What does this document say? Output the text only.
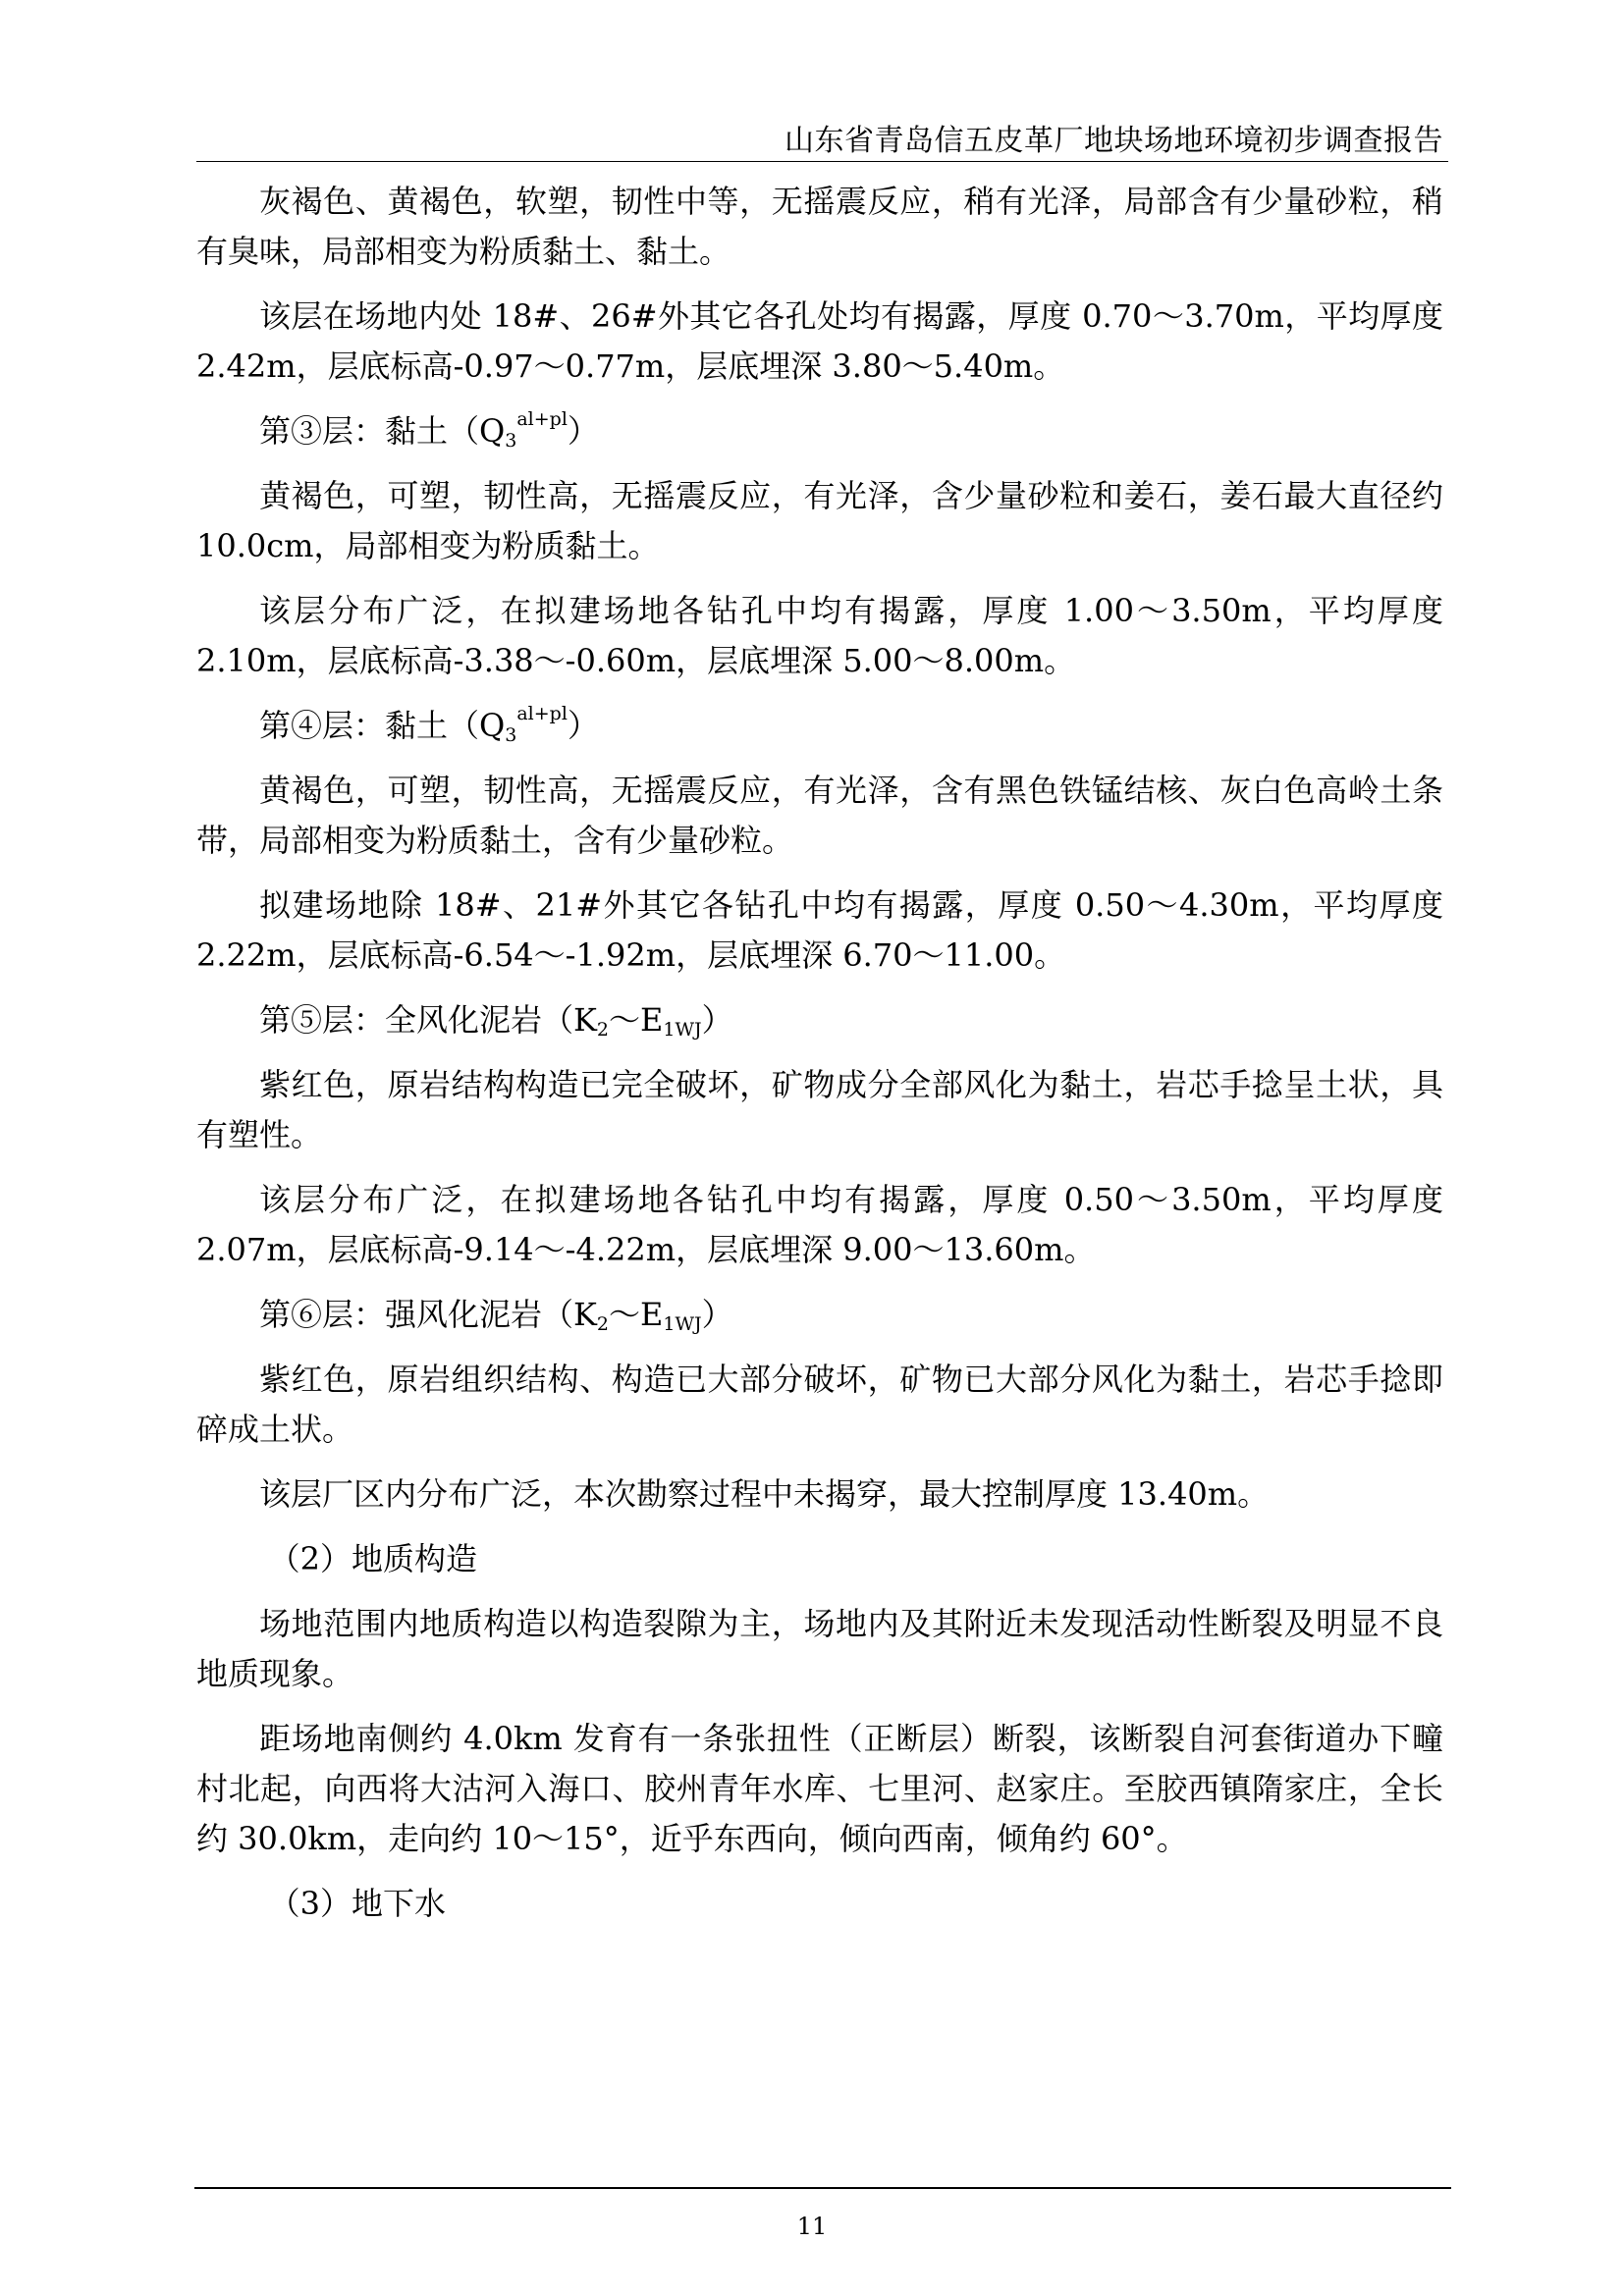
山东省青岛信五皮革厂地块场地环境初步调查报告

灰褐色、黄褐色，软塑，韧性中等，无摇震反应，稍有光泽，局部含有少量砂粒，稍有臭味，局部相变为粉质黏土、黏土。

该层在场地内处 18#、26#外其它各孔处均有揭露，厚度 0.70～3.70m，平均厚度 2.42m，层底标高-0.97～0.77m，层底埋深 3.80～5.40m。

第③层：黏土$(Q_3^{al+pl})$

黄褐色，可塑，韧性高，无摇震反应，有光泽，含少量砂粒和姜石，姜石最大直径约 10.0cm，局部相变为粉质黏土。

该层分布广泛，在拟建场地各钻孔中均有揭露，厚度 1.00～3.50m，平均厚度 2.10m，层底标高-3.38～-0.60m，层底埋深 5.00～8.00m。

第④层：黏土$(Q_3^{al+pl})$

黄褐色，可塑，韧性高，无摇震反应，有光泽，含有黑色铁锰结核、灰白色高岭土条带，局部相变为粉质黏土，含有少量砂粒。

拟建场地除 18#、21#外其它各钻孔中均有揭露，厚度 0.50～4.30m，平均厚度 2.22m，层底标高-6.54～-1.92m，层底埋深 6.70～11.00。

第⑤层：全风化泥岩$(K_2\sim E_{1WJ})$

紫红色，原岩结构构造已完全破坏，矿物成分全部风化为黏土，岩芯手捻呈土状，具有塑性。

该层分布广泛，在拟建场地各钻孔中均有揭露，厚度 0.50～3.50m，平均厚度 2.07m，层底标高-9.14～-4.22m，层底埋深 9.00～13.60m。

第⑥层：强风化泥岩$(K_2\sim E_{1WJ})$

紫红色，原岩组织结构、构造已大部分破坏，矿物已大部分风化为黏土，岩芯手捻即碎成土状。

该层厂区内分布广泛，本次勘察过程中未揭穿，最大控制厚度 13.40m。

（2）地质构造

场地范围内地质构造以构造裂隙为主，场地内及其附近未发现活动性断裂及明显不良地质现象。

距场地南侧约 4.0km 发育有一条张扭性（正断层）断裂，该断裂自河套街道办下疃村北起，向西将大沽河入海口、胶州青年水库、七里河、赵家庄。至胶西镇隋家庄，全长约 30.0km，走向约 10～15°，近乎东西向，倾向西南，倾角约 60°。

（3）地下水

11
